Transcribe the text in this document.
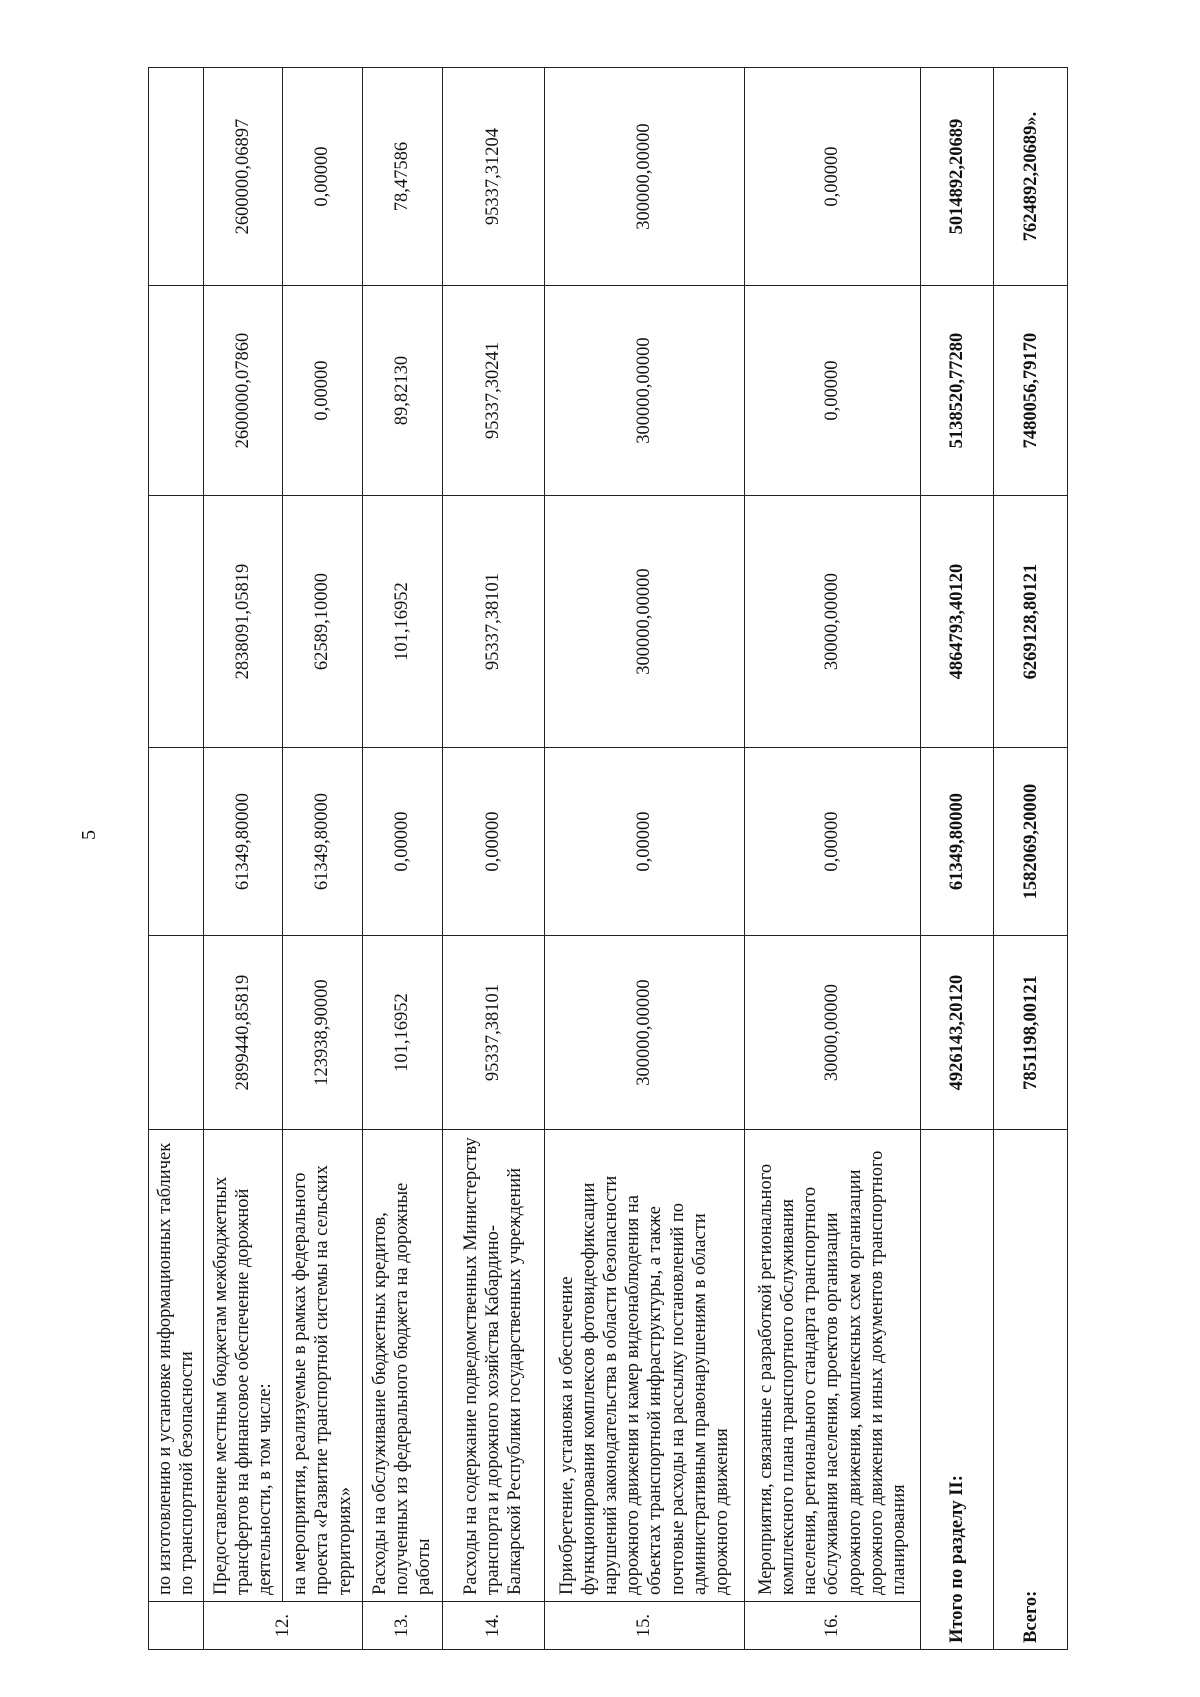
5
	по изготовлению и установке информационных табличек по транспортной безопасности					
12.	Предоставление местным бюджетам межбюджетных трансфертов на финансовое обеспечение дорожной деятельности, в том числе:	2899440,85819	61349,80000	2838091,05819	2600000,07860	2600000,06897
	на мероприятия, реализуемые в рамках федерального проекта «Развитие транспортной системы на сельских территориях»	123938,90000	61349,80000	62589,10000	0,00000	0,00000
13.	Расходы на обслуживание бюджетных кредитов, полученных из федерального бюджета на дорожные работы	101,16952	0,00000	101,16952	89,82130	78,47586
14.	Расходы на содержание подведомственных Министерству транспорта и дорожного хозяйства Кабардино-Балкарской Республики государственных учреждений	95337,38101	0,00000	95337,38101	95337,30241	95337,31204
15.	Приобретение, установка и обеспечение функционирования комплексов фотовидеофиксации нарушений законодательства в области безопасности дорожного движения и камер видеонаблюдения на объектах транспортной инфраструктуры, а также почтовые расходы на рассылку постановлений по административным правонарушениям в области дорожного движения	300000,00000	0,00000	300000,00000	300000,00000	300000,00000
16.	Мероприятия, связанные с разработкой регионального комплексного плана транспортного обслуживания населения, регионального стандарта транспортного обслуживания населения, проектов организации дорожного движения, комплексных схем организации дорожного движения и иных документов транспортного планирования	30000,00000	0,00000	30000,00000	0,00000	0,00000
Итого по разделу II:		4926143,20120	61349,80000	4864793,40120	5138520,77280	5014892,20689
Всего:		7851198,00121	1582069,20000	6269128,80121	7480056,79170	7624892,20689».
